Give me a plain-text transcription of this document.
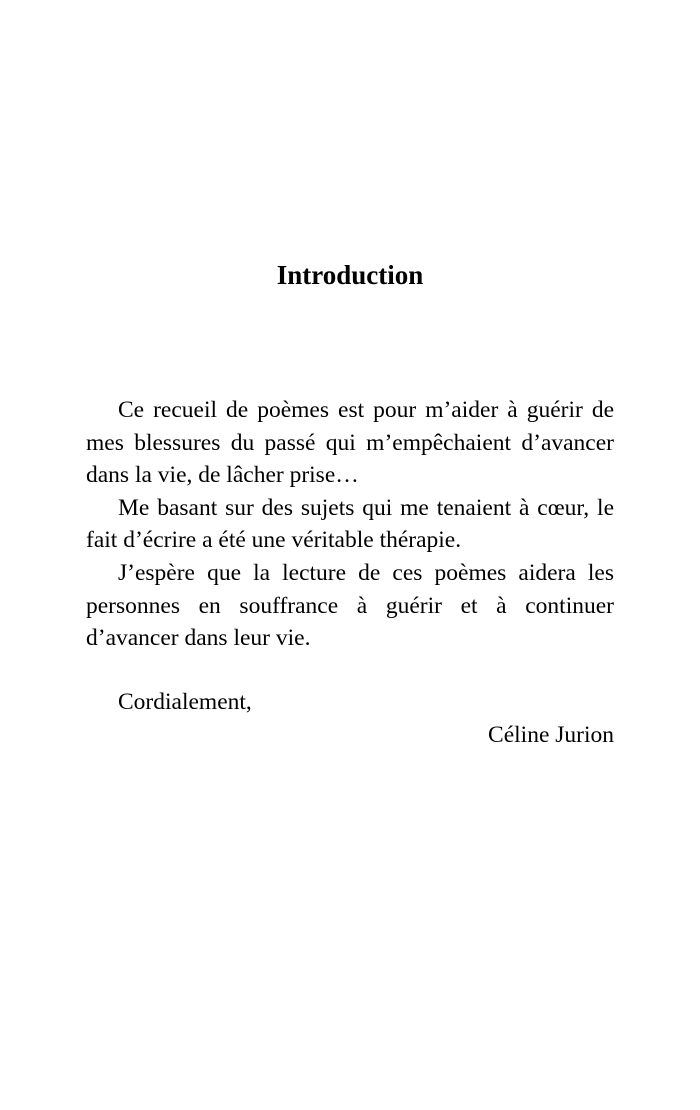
Introduction

Ce recueil de poèmes est pour m’aider à guérir de mes blessures du passé qui m’empêchaient d’avancer dans la vie, de lâcher prise…

Me basant sur des sujets qui me tenaient à cœur, le fait d’écrire a été une véritable thérapie.

J’espère que la lecture de ces poèmes aidera les personnes en souffrance à guérir et à continuer d’avancer dans leur vie.

Cordialement,

Céline Jurion
